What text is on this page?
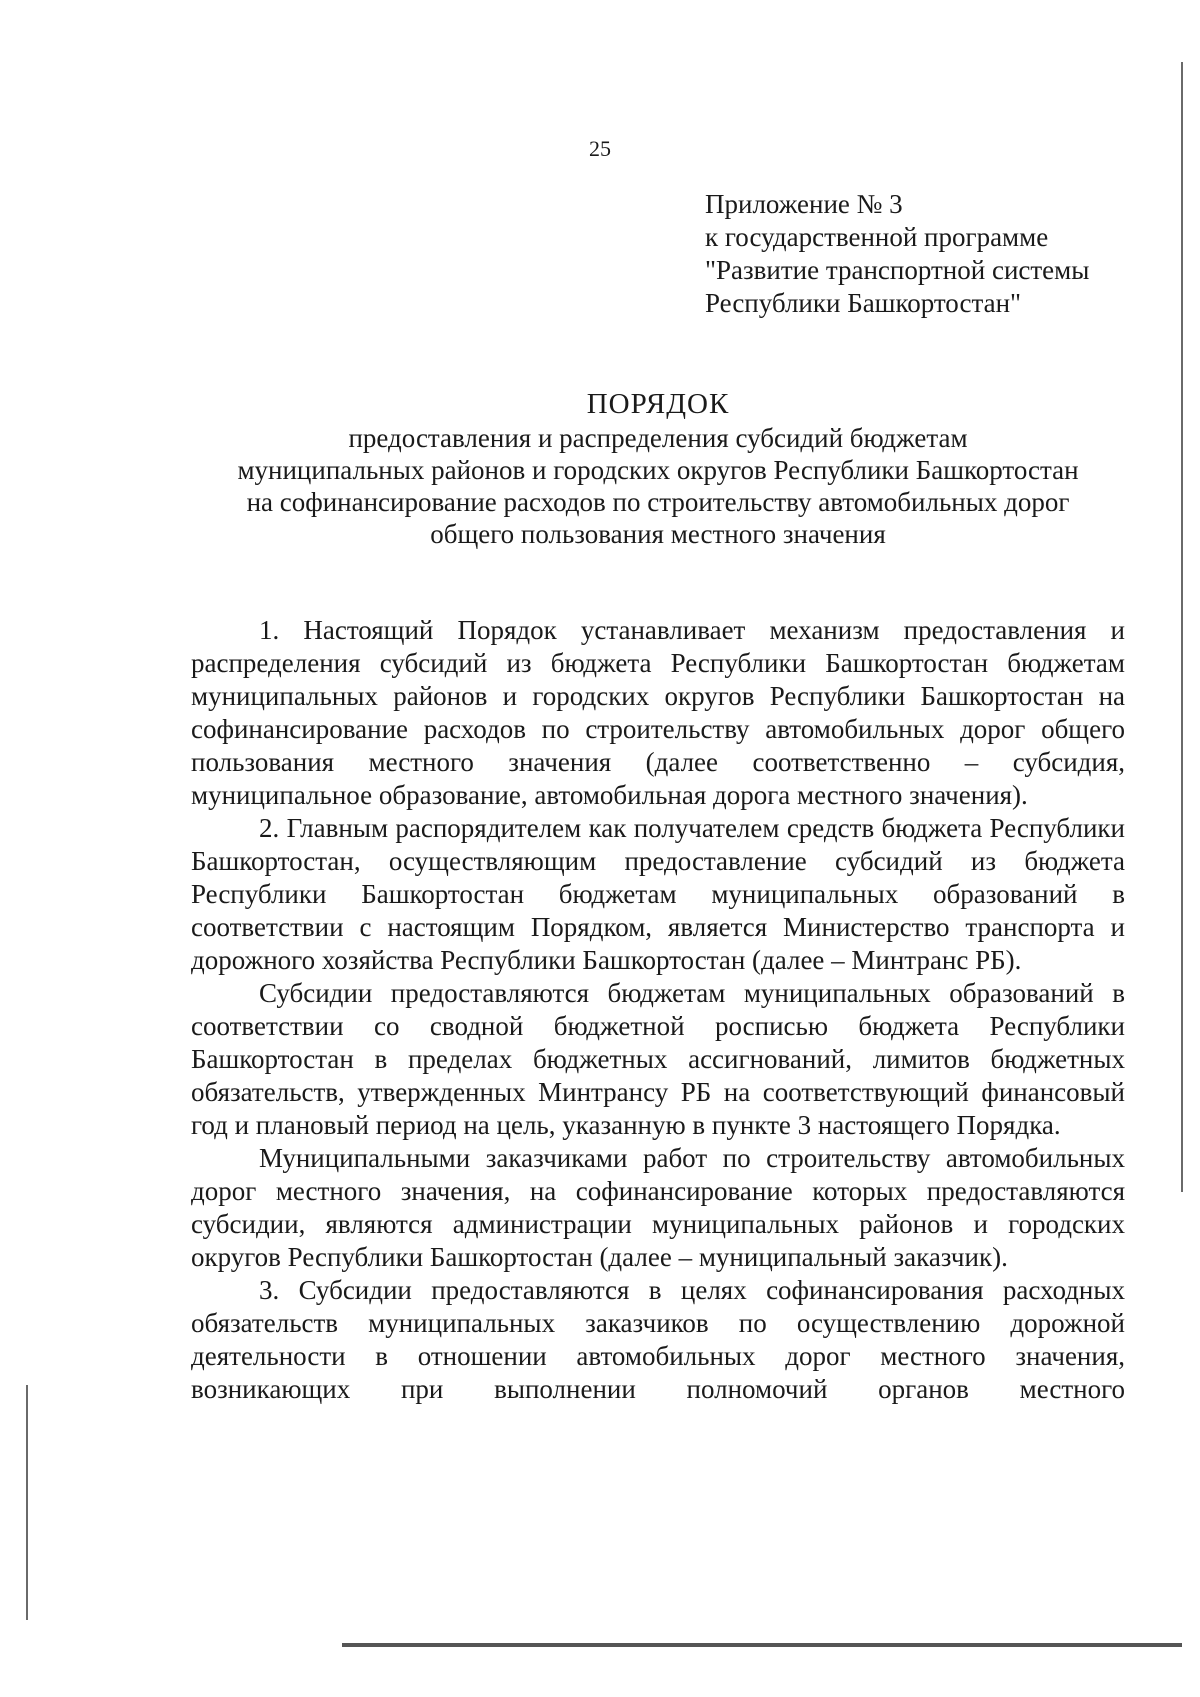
25
Приложение № 3
к государственной программе
"Развитие транспортной системы
Республики Башкортостан"
ПОРЯДОК
предоставления и распределения субсидий бюджетам
муниципальных районов и городских округов Республики Башкортостан
на софинансирование расходов по строительству автомобильных дорог
общего пользования местного значения

1. Настоящий Порядок устанавливает механизм предоставления и распределения субсидий из бюджета Республики Башкортостан бюджетам муниципальных районов и городских округов Республики Башкортостан на софинансирование расходов по строительству автомобильных дорог общего пользования местного значения (далее соответственно – субсидия, муниципальное образование, автомобильная дорога местного значения).

2. Главным распорядителем как получателем средств бюджета Республики Башкортостан, осуществляющим предоставление субсидий из бюджета Республики Башкортостан бюджетам муниципальных образований в соответствии с настоящим Порядком, является Министерство транспорта и дорожного хозяйства Республики Башкортостан (далее – Минтранс РБ).

Субсидии предоставляются бюджетам муниципальных образований в соответствии со сводной бюджетной росписью бюджета Республики Башкортостан в пределах бюджетных ассигнований, лимитов бюджетных обязательств, утвержденных Минтрансу РБ на соответствующий финансовый год и плановый период на цель, указанную в пункте 3 настоящего Порядка.

Муниципальными заказчиками работ по строительству автомобильных дорог местного значения, на софинансирование которых предоставляются субсидии, являются администрации муниципальных районов и городских округов Республики Башкортостан (далее – муниципальный заказчик).

3. Субсидии предоставляются в целях софинансирования расходных обязательств муниципальных заказчиков по осуществлению дорожной деятельности в отношении автомобильных дорог местного значения, возникающих при выполнении полномочий органов местного
